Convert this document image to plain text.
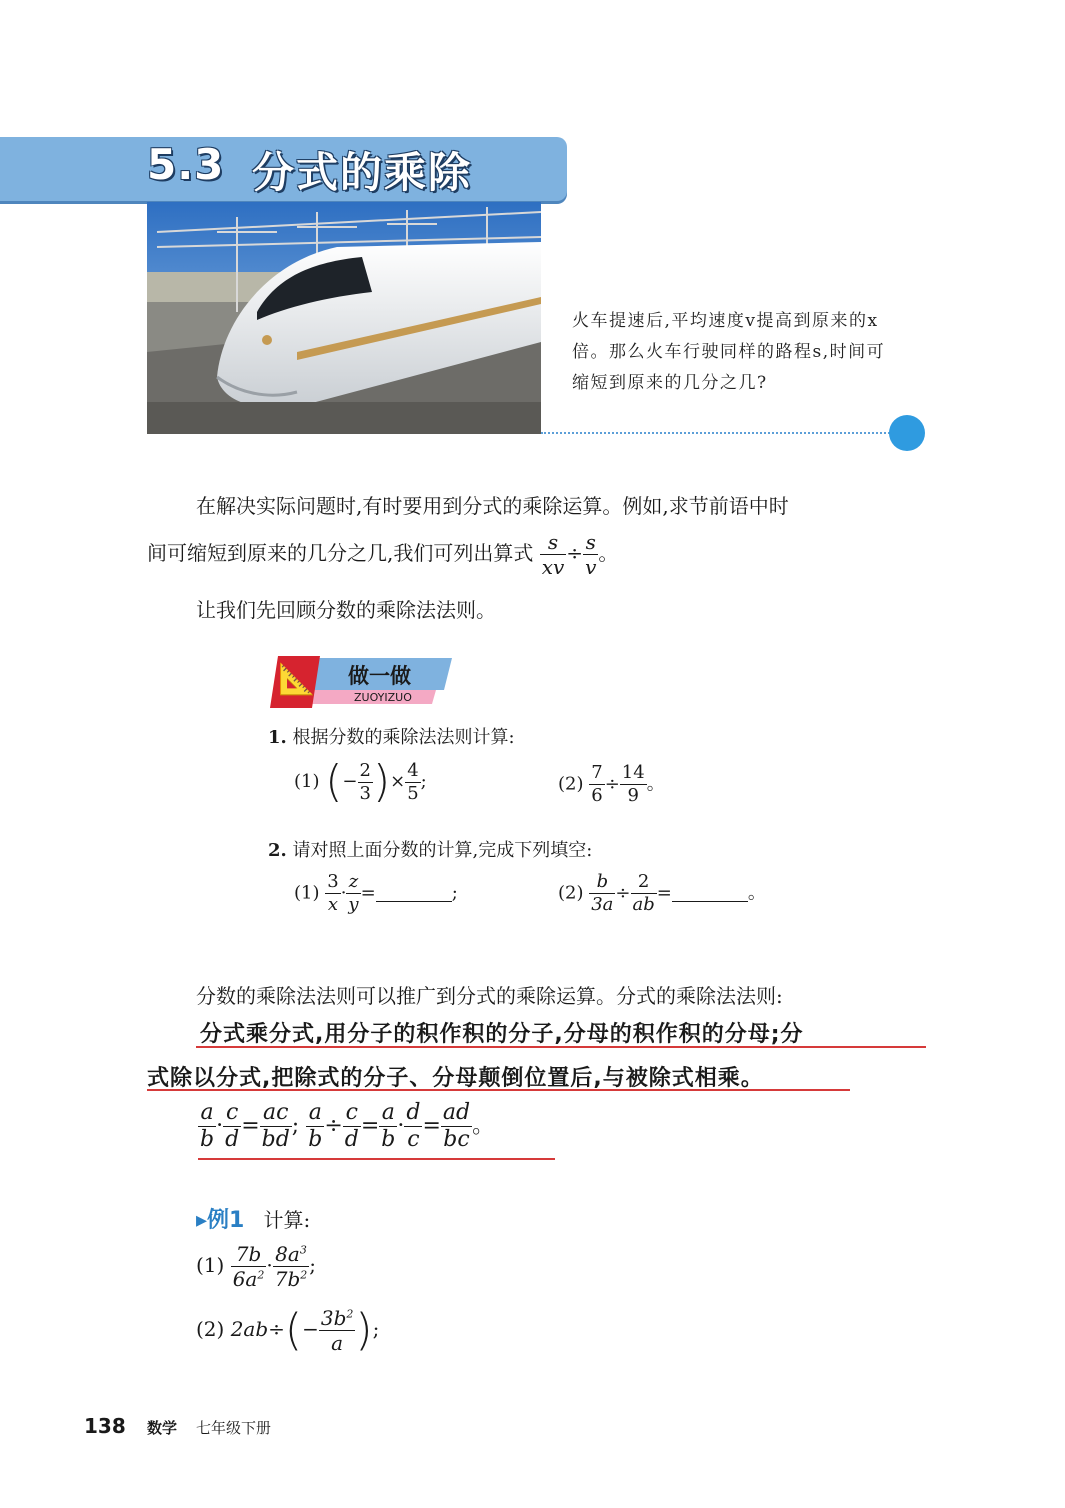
5.3 分式的乘除
火车提速后,平均速度v提高到原来的x倍。那么火车行驶同样的路程s,时间可缩短到原来的几分之几?
在解决实际问题时,有时要用到分式的乘除运算。例如,求节前语中时
间可缩短到原来的几分之几,我们可列出算式 $\frac{s}{xv} \div \frac{s}{v}$ 。
让我们先回顾分数的乘除法法则。
📐 做一做
ZUOYIZUO
1. 根据分数的乘除法法则计算:
(1) (− $\frac{2}{3}$ )× $\frac{4}{5}$ ;	$(2) \frac{7}{6} \div \frac{14}{9}$ 。
2. 请对照上面分数的计算,完成下列填空:
$(1) \frac{3}{x} \cdot \frac{z}{y}$ =	;	$(2) \frac{b}{3a} \div \frac{2}{ab}$ =	。
分数的乘除法法则可以推广到分式的乘除运算。分式的乘除法法则:
分式乘分式,用分子的积作积的分子,分母的积作积的分母;分
式除以分式,把除式的分子、分母颠倒位置后,与被除式相乘。
$\frac{a}{b} \cdot \frac{c}{d} = \frac{ac}{bd}$ ; $\frac{a}{b} \div \frac{c}{d} = \frac{a}{b} \cdot \frac{d}{c} = \frac{ad}{bc}$ 。
▸例1 计算:
$(1) \frac{7b}{6a^2} \cdot \frac{8a^3}{7b^2}$ ;
(2) $2ab\div(- \frac{3b^2}{a}$ );
138 数学 七年级下册
